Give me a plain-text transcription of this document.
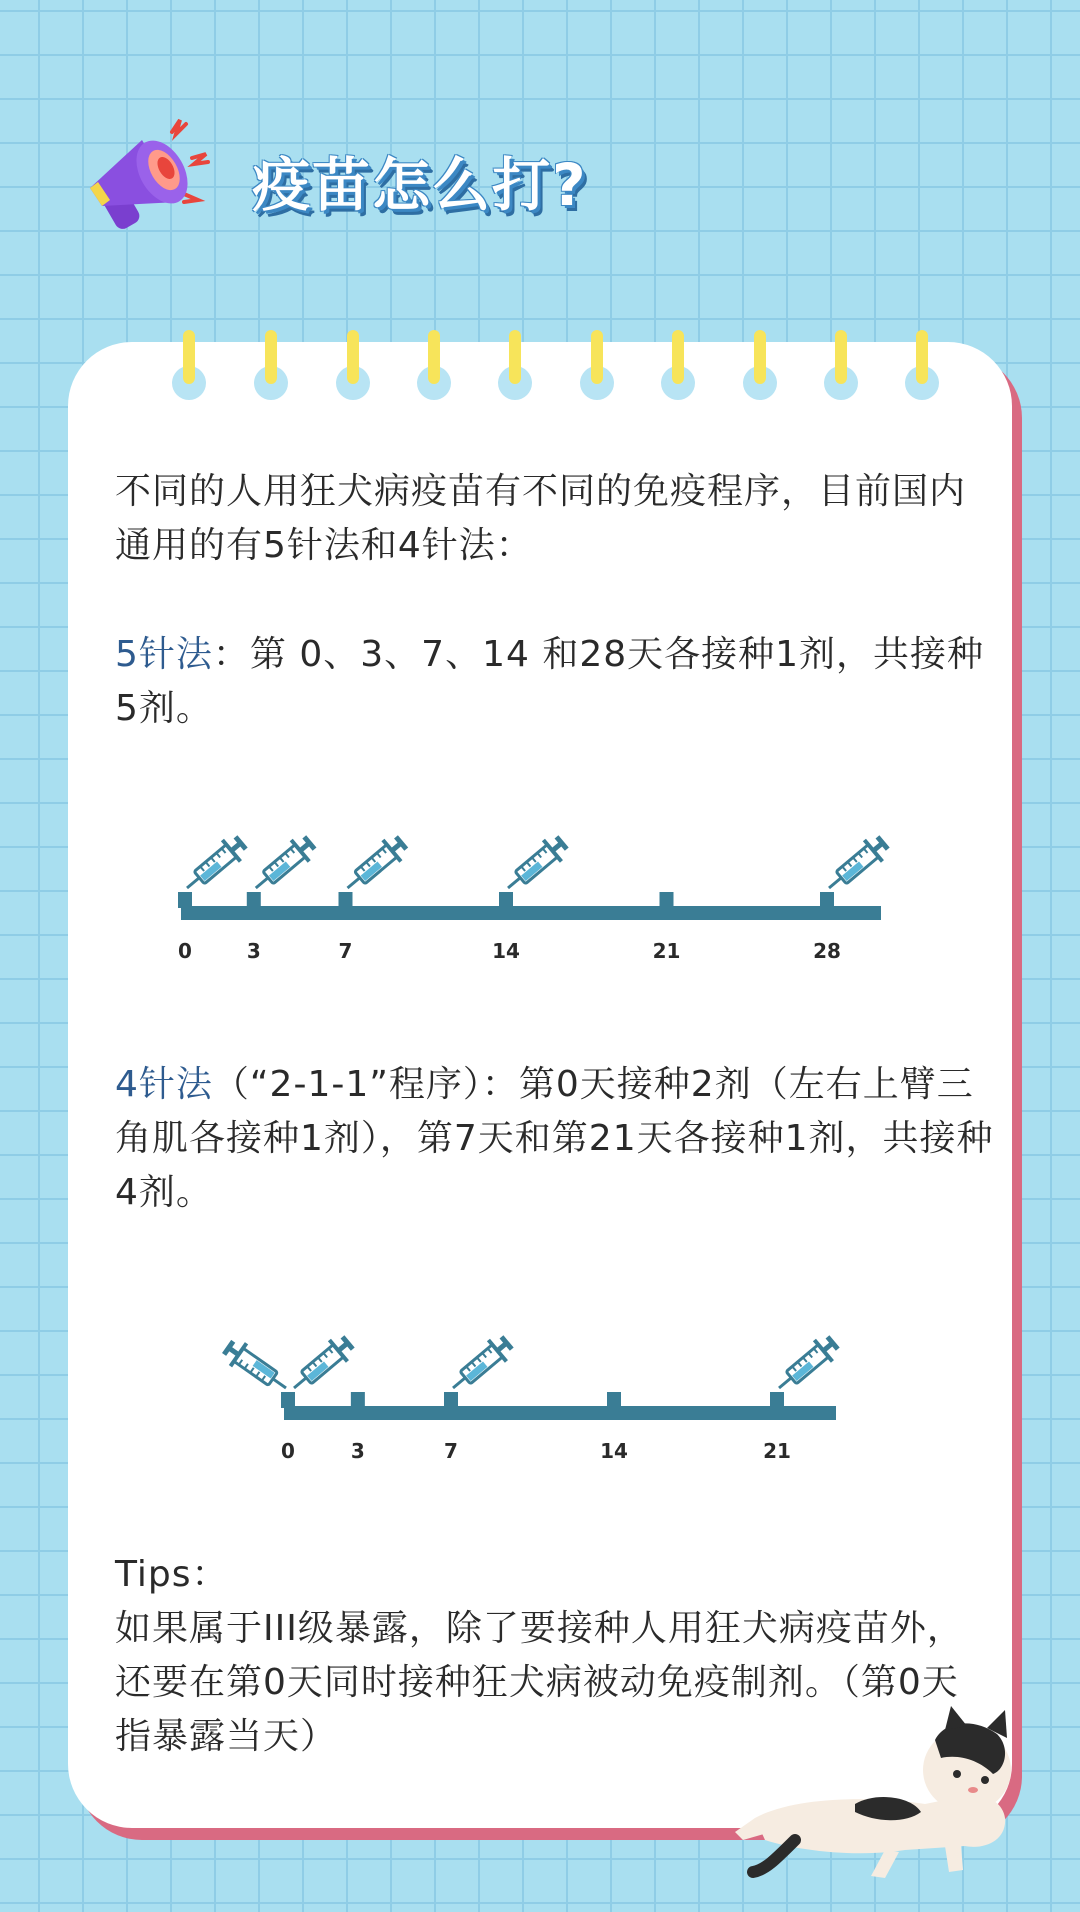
疫苗怎么打?

不同的人用狂犬病疫苗有不同的免疫程序，目前国内通用的有5针法和4针法：

5针法：第 0、3、7、14 和28天各接种1剂，共接种5剂。

0	3	7	14	21	28

4针法（“2-1-1”程序）：第0天接种2剂（左右上臂三角肌各接种1剂），第7天和第21天各接种1剂，共接种4剂。

0	3	7	14	21

Tips：

如果属于III级暴露，除了要接种人用狂犬病疫苗外，还要在第0天同时接种狂犬病被动免疫制剂。（第0天指暴露当天）
